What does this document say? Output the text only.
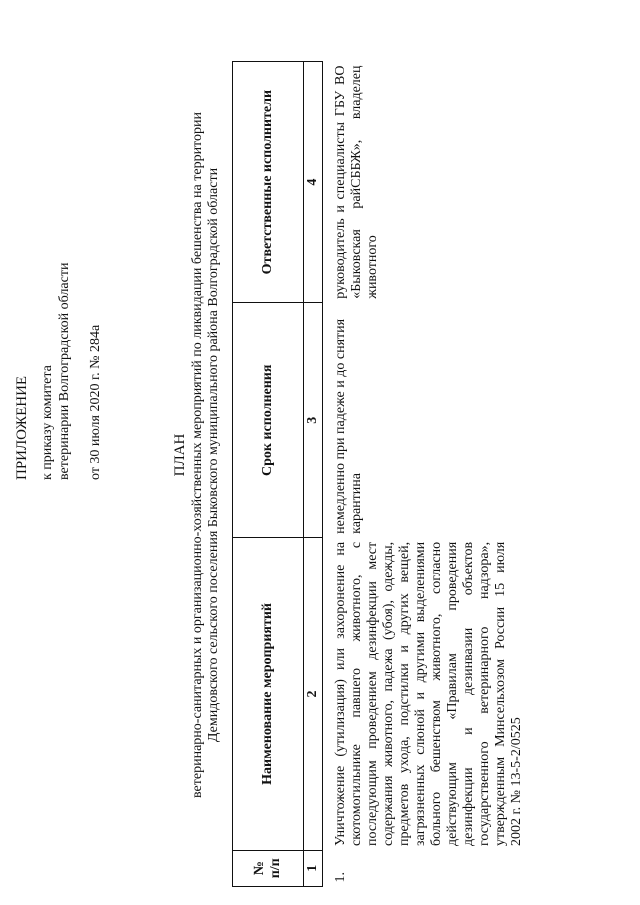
ПРИЛОЖЕНИЕ к приказу комитета ветеринарии Волгоградской области от 30 июля 2020 г. № 284а	ПЛАН ветеринарно-санитарных и организационно-хозяйственных мероприятий по ликвидации бешенства на территории Демидовского сельского поселения Быковского муниципального района Волгоградской области
№ п/п	Наименование мероприятий	Срок исполнения	Ответственные исполнители
1	2	3	4
1.	Уничтожение (утилизация) или захоронение на скотомогильнике павшего животного, с последующим проведением дезинфекции мест содержания животного, падежа (убоя), одежды, предметов ухода, подстилки и других вещей, загрязненных слюной и другими выделениями больного бешенством животного, согласно действующим «Правилам проведения дезинфекции и дезинвазии объектов государственного ветеринарного надзора», утвержденным Минсельхозом России 15 июля 2002 г. № 13-5-2/0525	немедленно при падеже и до снятия карантина	руководитель и специалисты ГБУ ВО «Быковская райСББЖ», владелец животного
